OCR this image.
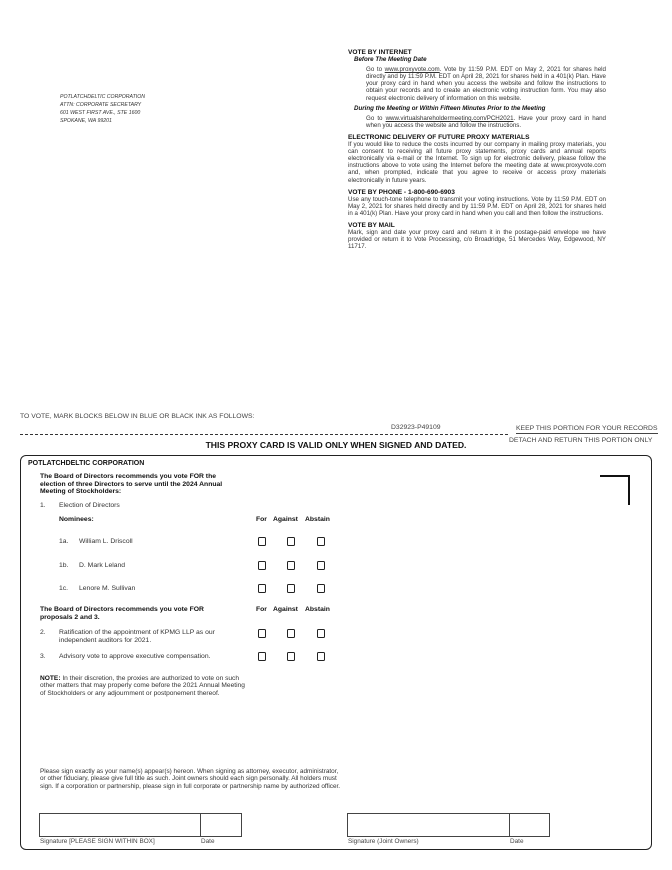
POTLATCHDELTIC CORPORATION
ATTN: CORPORATE SECRETARY
601 WEST FIRST AVE., STE 1600
SPOKANE, WA 99201
VOTE BY INTERNET
Before The Meeting Date
Go to www.proxyvote.com. Vote by 11:59 P.M. EDT on May 2, 2021 for shares held directly and by 11:59 P.M. EDT on April 28, 2021 for shares held in a 401(k) Plan. Have your proxy card in hand when you access the website and follow the instructions to obtain your records and to create an electronic voting instruction form. You may also request electronic delivery of information on this website.
During the Meeting or Within Fifteen Minutes Prior to the Meeting
Go to www.virtualshareholdermeeting.com/PCH2021. Have your proxy card in hand when you access the website and follow the instructions.
ELECTRONIC DELIVERY OF FUTURE PROXY MATERIALS
If you would like to reduce the costs incurred by our company in mailing proxy materials, you can consent to receiving all future proxy statements, proxy cards and annual reports electronically via e-mail or the Internet. To sign up for electronic delivery, please follow the instructions above to vote using the Internet before the meeting date at www.proxyvote.com and, when prompted, indicate that you agree to receive or access proxy materials electronically in future years.
VOTE BY PHONE - 1-800-690-6903
Use any touch-tone telephone to transmit your voting instructions. Vote by 11:59 P.M. EDT on May 2, 2021 for shares held directly and by 11:59 P.M. EDT on April 28, 2021 for shares held in a 401(k) Plan. Have your proxy card in hand when you call and then follow the instructions.
VOTE BY MAIL
Mark, sign and date your proxy card and return it in the postage-paid envelope we have provided or return it to Vote Processing, c/o Broadridge, 51 Mercedes Way, Edgewood, NY 11717.
TO VOTE, MARK BLOCKS BELOW IN BLUE OR BLACK INK AS FOLLOWS:
D32923-P49109	KEEP THIS PORTION FOR YOUR RECORDS
DETACH AND RETURN THIS PORTION ONLY
THIS PROXY CARD IS VALID ONLY WHEN SIGNED AND DATED.
POTLATCHDELTIC CORPORATION
The Board of Directors recommends you vote FOR the
election of three Directors to serve until the 2024 Annual
Meeting of Stockholders:
1. Election of Directors
Nominees:	For Against Abstain
1a. William L. Driscoll
1b. D. Mark Leland
1c. Lenore M. Sullivan
The Board of Directors recommends you vote FOR
proposals 2 and 3.
For Against Abstain
2. Ratification of the appointment of KPMG LLP as our
independent auditors for 2021.
3. Advisory vote to approve executive compensation.
NOTE: In their discretion, the proxies are authorized to vote on such other matters that may properly come before the 2021 Annual Meeting of Stockholders or any adjournment or postponement thereof.
Please sign exactly as your name(s) appear(s) hereon. When signing as attorney, executor, administrator, or other fiduciary, please give full title as such. Joint owners should each sign personally. All holders must sign. If a corporation or partnership, please sign in full corporate or partnership name by authorized officer.
Signature [PLEASE SIGN WITHIN BOX]	Date	Signature (Joint Owners)	Date
